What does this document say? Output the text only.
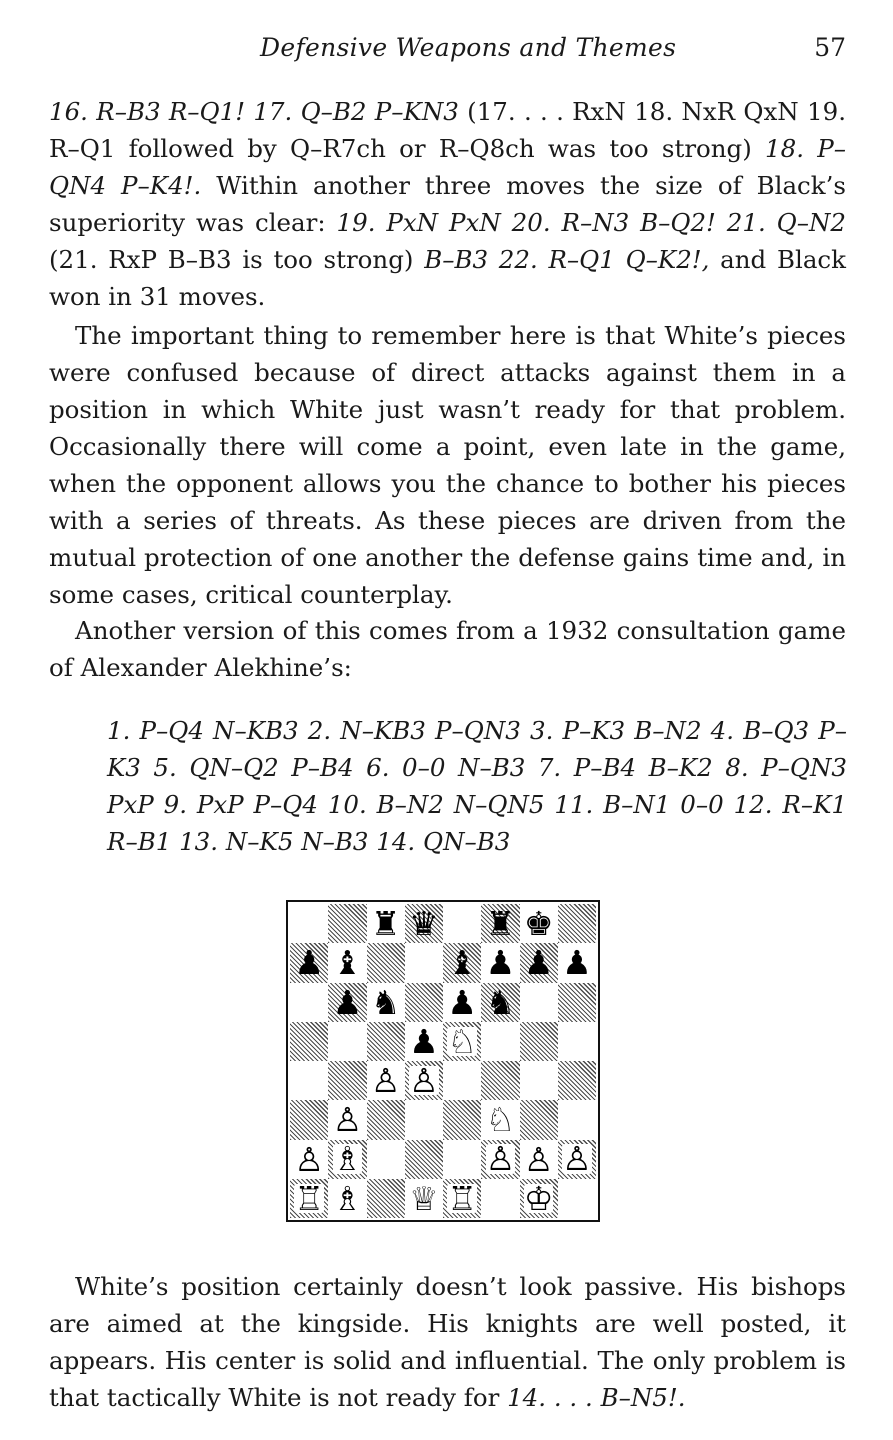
Defensive Weapons and Themes	57

16. R–B3 R–Q1! 17. Q–B2 P–KN3 (17. . . . RxN 18. NxR QxN 19. R–Q1 followed by Q–R7ch or R–Q8ch was too strong) 18. P–QN4 P–K4!. Within another three moves the size of Black’s superiority was clear: 19. PxN PxN 20. R–N3 B–Q2! 21. Q–N2 (21. RxP B–B3 is too strong) B–B3 22. R–Q1 Q–K2!, and Black won in 31 moves.

The important thing to remember here is that White’s pieces were confused because of direct attacks against them in a position in which White just wasn’t ready for that problem. Occasionally there will come a point, even late in the game, when the opponent allows you the chance to bother his pieces with a series of threats. As these pieces are driven from the mutual protection of one another the defense gains time and, in some cases, critical counterplay.

Another version of this comes from a 1932 consultation game of Alexander Alekhine’s:

1. P–Q4 N–KB3 2. N–KB3 P–QN3 3. P–K3 B–N2 4. B–Q3 P–K3 5. QN–Q2 P–B4 6. 0–0 N–B3 7. P–B4 B–K2 8. P–QN3 PxP 9. PxP P–Q4 10. B–N2 N–QN5 11. B–N1 0–0 12. R–K1 R–B1 13. N–K5 N–B3 14. QN–B3

♜ ♛ ♜ ♚
♟ ♝	♝ ♟ ♟ ♟
♟ ♞ ♟ ♞
♟ ♘
♙ ♙
♙	♘
♙ ♗	♙ ♙ ♙
♖ ♗ ♕ ♖ ♔

White’s position certainly doesn’t look passive. His bishops are aimed at the kingside. His knights are well posted, it appears. His center is solid and influential. The only problem is that tactically White is not ready for 14. . . . B–N5!.
